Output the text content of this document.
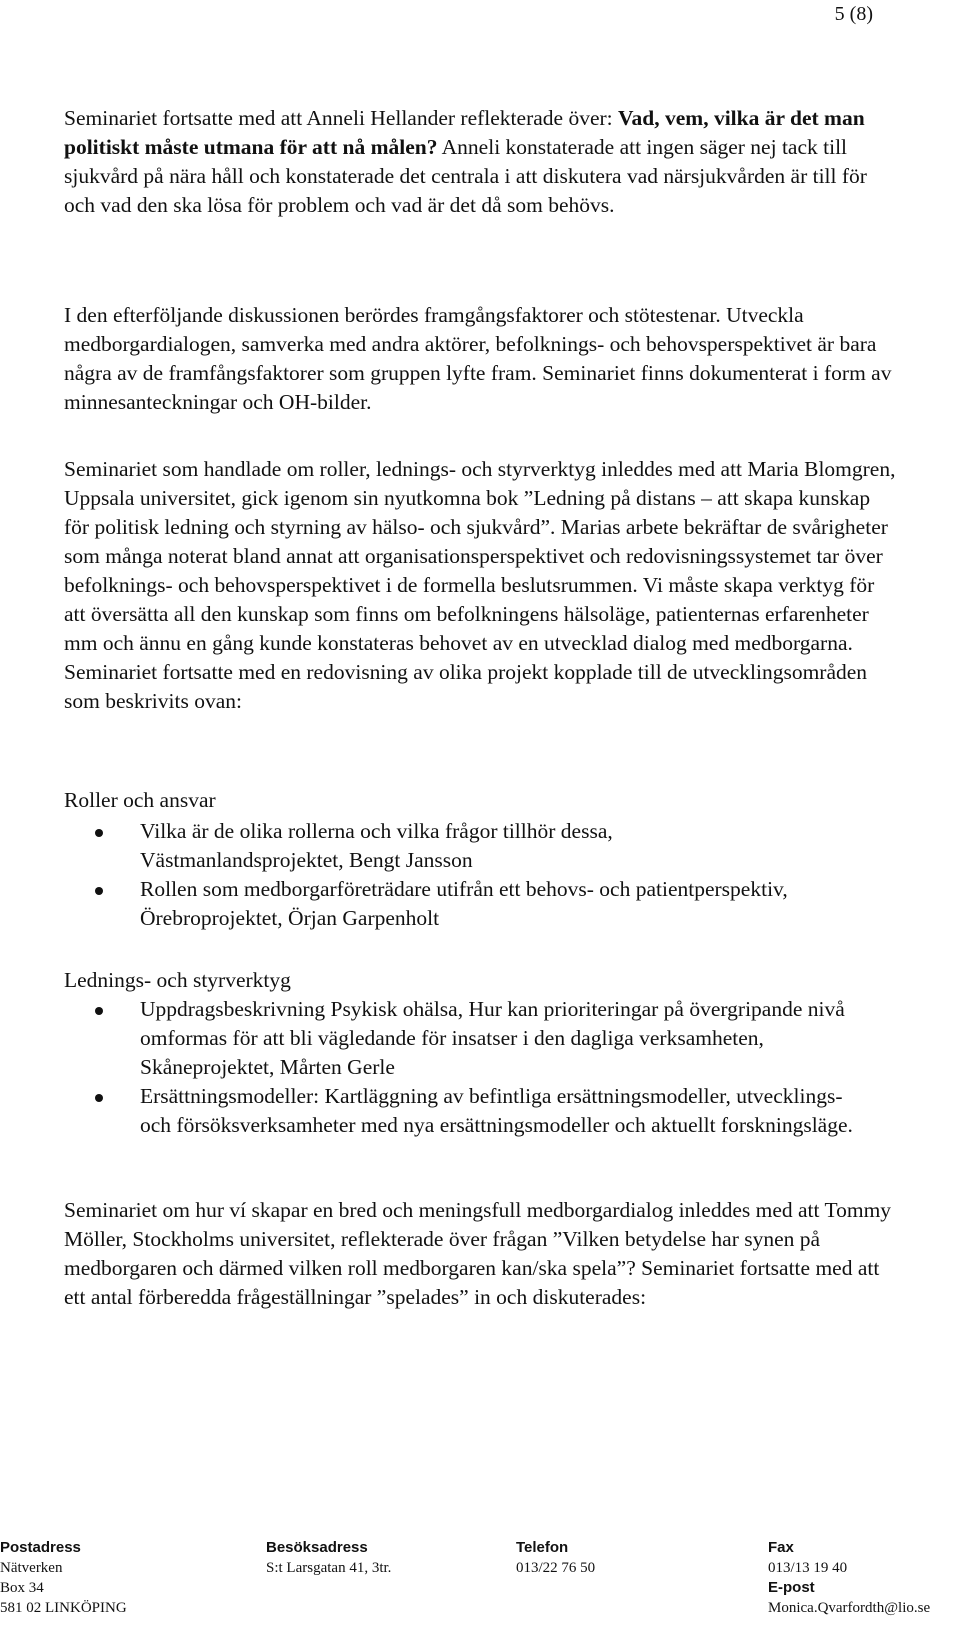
5 (8)

Seminariet fortsatte med att Anneli Hellander reflekterade över: Vad, vem, vilka är det man politiskt måste utmana för att nå målen? Anneli konstaterade att ingen säger nej tack till sjukvård på nära håll och konstaterade det centrala i att diskutera vad närsjukvården är till för och vad den ska lösa för problem och vad är det då som behövs.

I den efterföljande diskussionen berördes framgångsfaktorer och stötestenar. Utveckla medborgardialogen, samverka med andra aktörer, befolknings- och behovsperspektivet är bara några av de framfångsfaktorer som gruppen lyfte fram. Seminariet finns dokumenterat i form av minnesanteckningar och OH-bilder.

Seminariet som handlade om roller, lednings- och styrverktyg inleddes med att Maria Blomgren, Uppsala universitet, gick igenom sin nyutkomna bok ”Ledning på distans – att skapa kunskap för politisk ledning och styrning av hälso- och sjukvård”. Marias arbete bekräftar de svårigheter som många noterat bland annat att organisationsperspektivet och redovisningssystemet tar över befolknings- och behovsperspektivet i de formella beslutsrummen. Vi måste skapa verktyg för att översätta all den kunskap som finns om befolkningens hälsoläge, patienternas erfarenheter mm och ännu en gång kunde konstateras behovet av en utvecklad dialog med medborgarna. Seminariet fortsatte med en redovisning av olika projekt kopplade till de utvecklingsområden som beskrivits ovan:

Roller och ansvar

Vilka är de olika rollerna och vilka frågor tillhör dessa,
Västmanlandsprojektet, Bengt Jansson
Rollen som medborgarföreträdare utifrån ett behovs- och patientperspektiv,
Örebroprojektet, Örjan Garpenholt

Lednings- och styrverktyg

Uppdragsbeskrivning Psykisk ohälsa, Hur kan prioriteringar på övergripande nivå omformas för att bli vägledande för insatser i den dagliga verksamheten, Skåneprojektet, Mårten Gerle
Ersättningsmodeller: Kartläggning av befintliga ersättningsmodeller, utvecklings- och försöksverksamheter med nya ersättningsmodeller och aktuellt forskningsläge.

Seminariet om hur ví skapar en bred och meningsfull medborgardialog inleddes med att Tommy Möller, Stockholms universitet, reflekterade över frågan ”Vilken betydelse har synen på medborgaren och därmed vilken roll medborgaren kan/ska spela”? Seminariet fortsatte med att ett antal förberedda frågeställningar ”spelades” in och diskuterades:

Postadress
Nätverken
Box 34
581 02 LINKÖPING
Besöksadress
S:t Larsgatan 41, 3tr.
Telefon
013/22 76 50
Fax
013/13 19 40
E-post
Monica.Qvarfordth@lio.se
